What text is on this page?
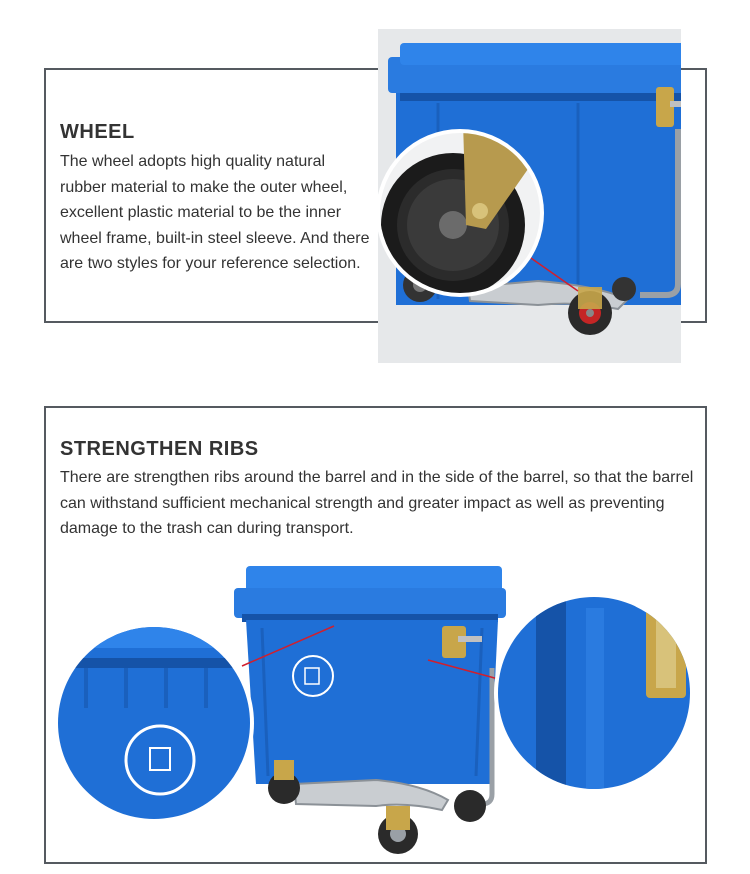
WHEEL

The wheel adopts high quality natural rubber material to make the outer wheel, excellent plastic material to be the inner wheel frame, built-in steel sleeve. And there are two styles for your reference selection.

STRENGTHEN RIBS

There are strengthen ribs around the barrel and in the side of the barrel, so that the barrel can withstand sufficient mechanical strength and greater impact as well as preventing damage to the trash can during transport.
